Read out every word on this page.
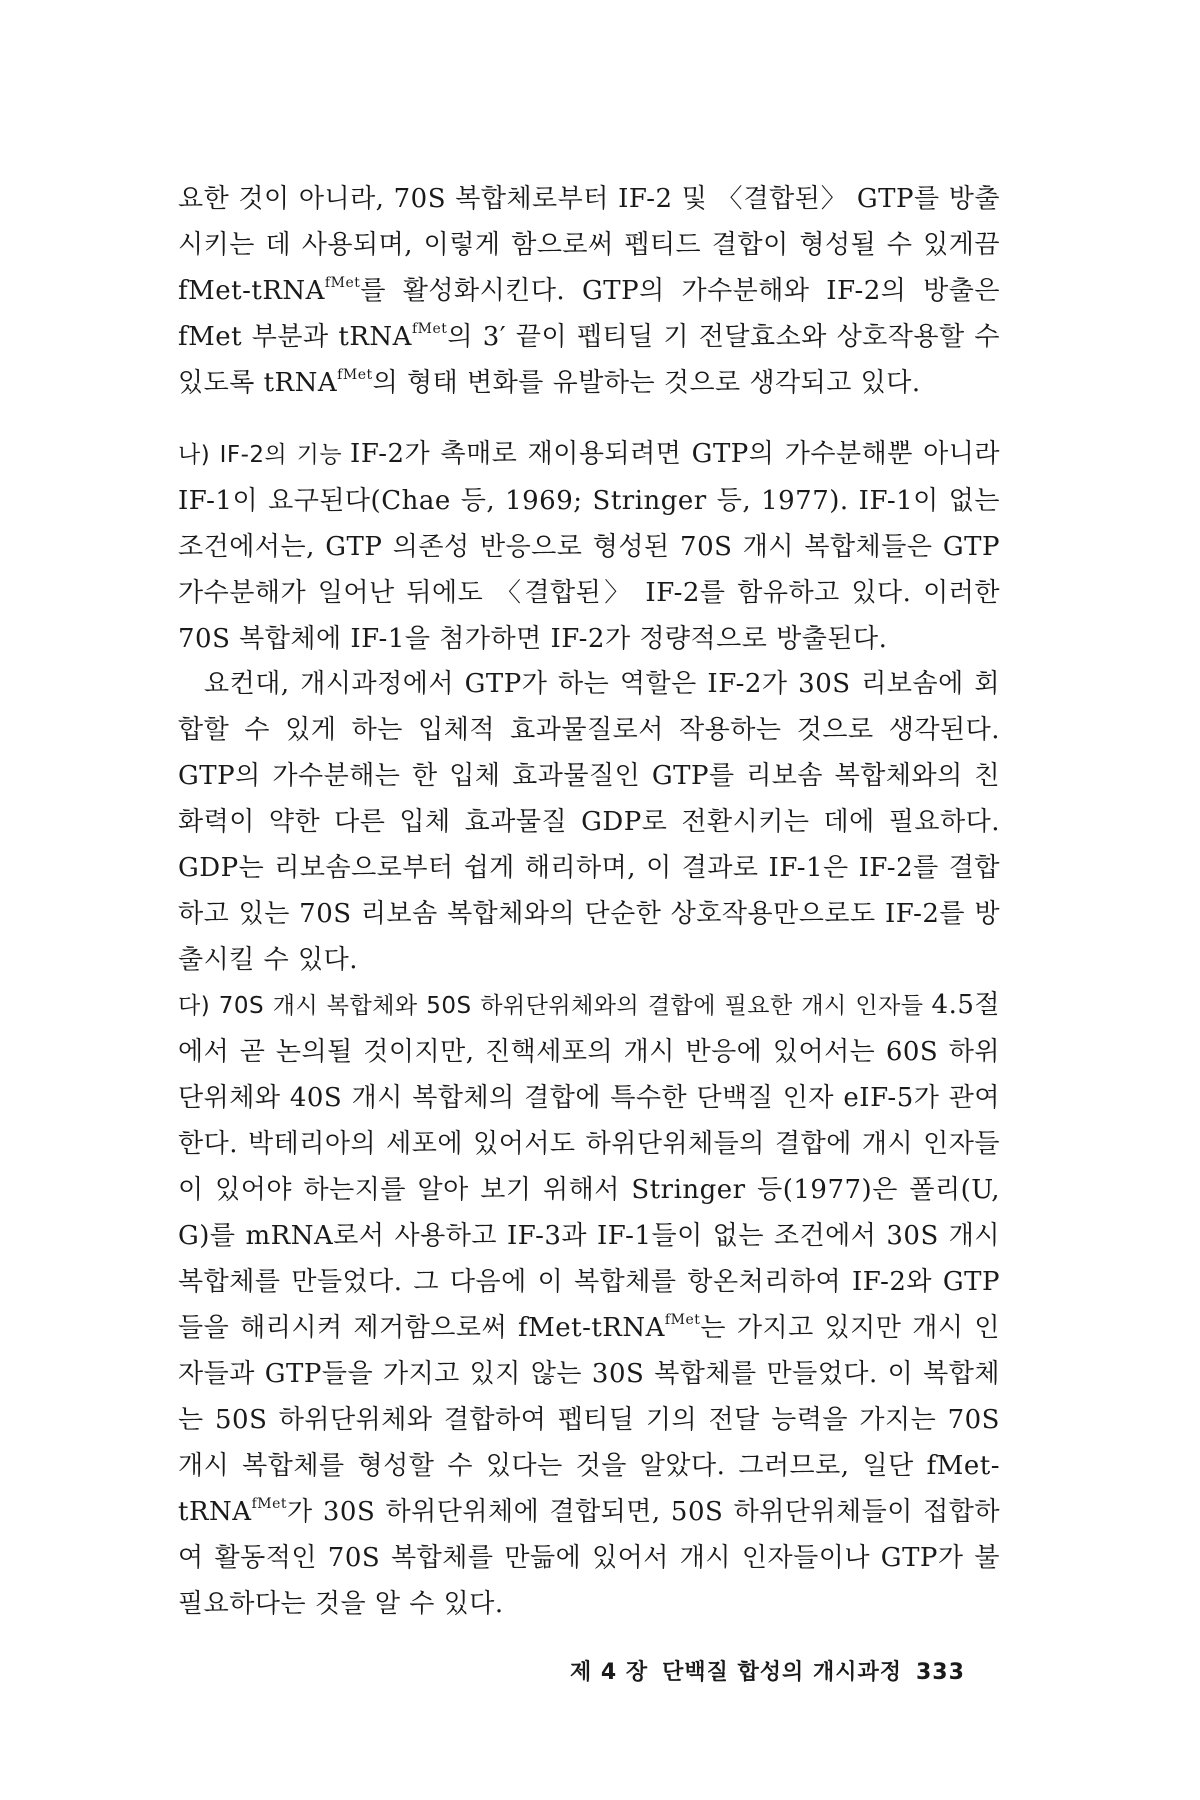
요한 것이 아니라, 70S 복합체로부터 IF-2 및 〈결합된〉 GTP를 방출시키는 데 사용되며, 이렇게 함으로써 펩티드 결합이 형성될 수 있게끔 fMet-tRNA$^{fMet}$를 활성화시킨다. GTP의 가수분해와 IF-2의 방출은 fMet 부분과 tRNA$^{fMet}$의 3′ 끝이 펩티딜 기 전달효소와 상호작용할 수 있도록 tRNA$^{fMet}$의 형태 변화를 유발하는 것으로 생각되고 있다.

나) IF-2의 기능 IF-2가 촉매로 재이용되려면 GTP의 가수분해뿐 아니라 IF-1이 요구된다(Chae 등, 1969; Stringer 등, 1977). IF-1이 없는 조건에서는, GTP 의존성 반응으로 형성된 70S 개시 복합체들은 GTP 가수분해가 일어난 뒤에도 〈결합된〉 IF-2를 함유하고 있다. 이러한 70S 복합체에 IF-1을 첨가하면 IF-2가 정량적으로 방출된다.

요컨대, 개시과정에서 GTP가 하는 역할은 IF-2가 30S 리보솜에 회합할 수 있게 하는 입체적 효과물질로서 작용하는 것으로 생각된다. GTP의 가수분해는 한 입체 효과물질인 GTP를 리보솜 복합체와의 친화력이 약한 다른 입체 효과물질 GDP로 전환시키는 데에 필요하다. GDP는 리보솜으로부터 쉽게 해리하며, 이 결과로 IF-1은 IF-2를 결합하고 있는 70S 리보솜 복합체와의 단순한 상호작용만으로도 IF-2를 방출시킬 수 있다.

다) 70S 개시 복합체와 50S 하위단위체와의 결합에 필요한 개시 인자들 4.5절에서 곧 논의될 것이지만, 진핵세포의 개시 반응에 있어서는 60S 하위단위체와 40S 개시 복합체의 결합에 특수한 단백질 인자 eIF-5가 관여한다. 박테리아의 세포에 있어서도 하위단위체들의 결합에 개시 인자들이 있어야 하는지를 알아 보기 위해서 Stringer 등(1977)은 폴리(U, G)를 mRNA로서 사용하고 IF-3과 IF-1들이 없는 조건에서 30S 개시 복합체를 만들었다. 그 다음에 이 복합체를 항온처리하여 IF-2와 GTP들을 해리시켜 제거함으로써 fMet-tRNA$^{fMet}$는 가지고 있지만 개시 인자들과 GTP들을 가지고 있지 않는 30S 복합체를 만들었다. 이 복합체는 50S 하위단위체와 결합하여 펩티딜 기의 전달 능력을 가지는 70S 개시 복합체를 형성할 수 있다는 것을 알았다. 그러므로, 일단 fMet-tRNA$^{fMet}$가 30S 하위단위체에 결합되면, 50S 하위단위체들이 접합하여 활동적인 70S 복합체를 만듦에 있어서 개시 인자들이나 GTP가 불필요하다는 것을 알 수 있다.

제 4 장 단백질 합성의 개시과정 333
